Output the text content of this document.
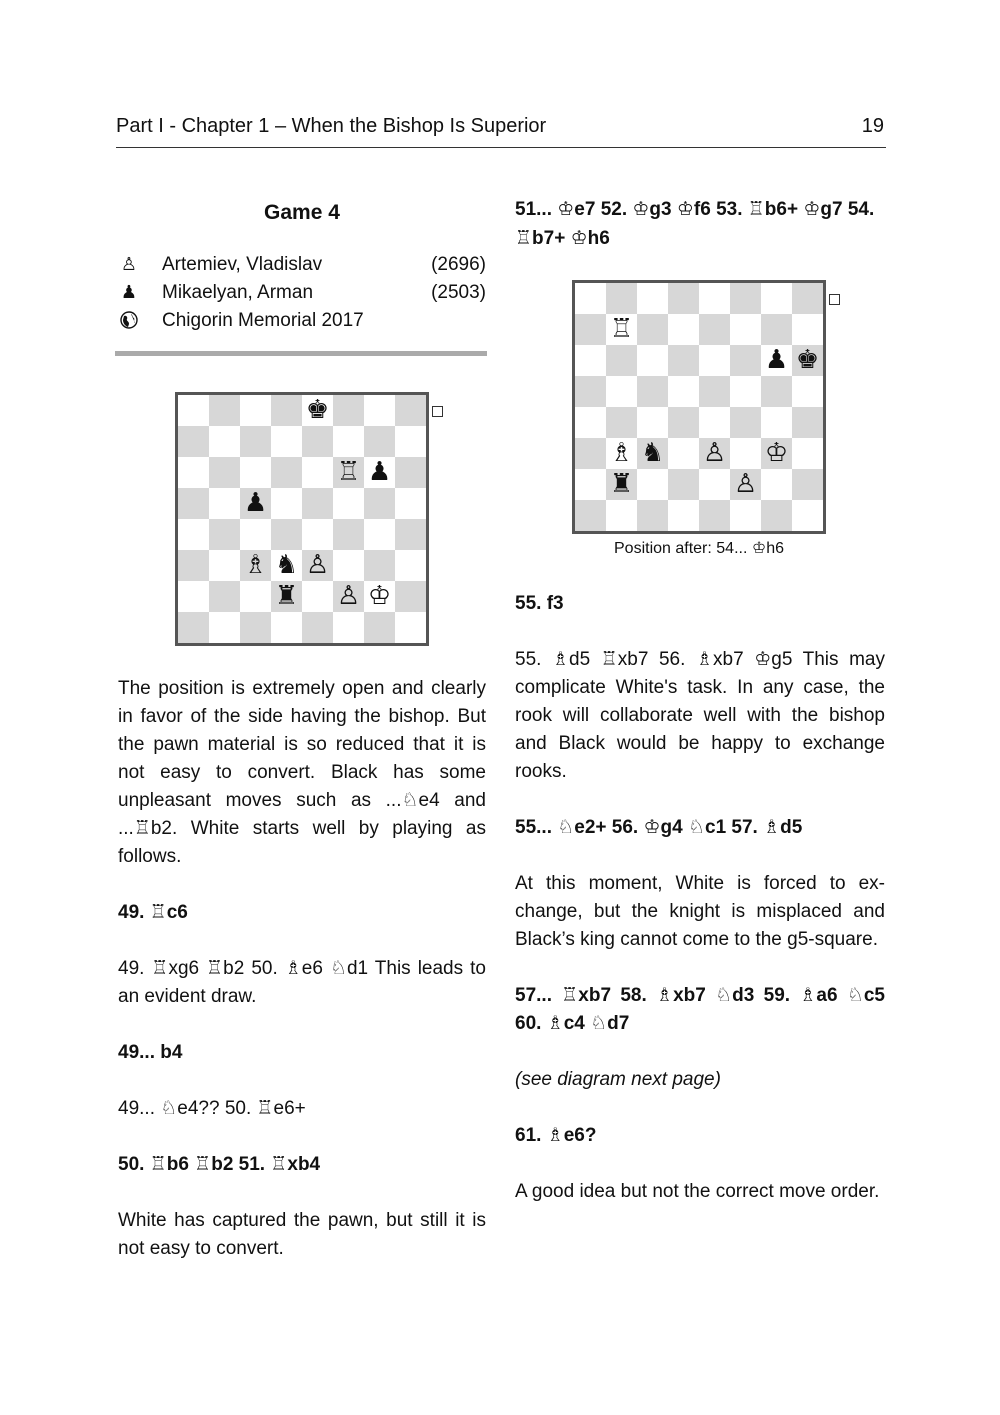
Part I - Chapter 1 – When the Bishop Is Superior	19
Game 4
♙ Artemiev, Vladislav	(2696)
♟ Mikaelyan, Arman	(2503)
Chigorin Memorial 2017
♚
♖ ♟
♟
♗ ♞ ♙
♜ ♙ ♔

The position is extremely open and clearly in favor of the side having the bishop. But the pawn material is so reduced that it is not easy to convert. Black has some unpleasant moves such as ...♘e4 and ...♖b2. White starts well by playing as follows.

49. ♖c6

49. ♖xg6 ♖b2 50. ♗e6 ♘d1 This leads to an evident draw.

49... b4

49... ♘e4?? 50. ♖e6+

50. ♖b6 ♖b2 51. ♖xb4

White has captured the pawn, but still it is not easy to convert.

51... ♔e7 52. ♔g3 ♔f6 53. ♖b6+ ♔g7 54. ♖b7+ ♔h6

♖
♟ ♚
♗ ♞ ♙ ♔
♜	♙
Position after: 54... ♔h6

55. f3

55. ♗d5 ♖xb7 56. ♗xb7 ♔g5 This may complicate White's task. In any case, the rook will collaborate well with the bishop and Black would be happy to exchange rooks.

55... ♘e2+ 56. ♔g4 ♘c1 57. ♗d5

At this moment, White is forced to exchange, but the knight is misplaced and Black’s king cannot come to the g5-square.

57... ♖xb7 58. ♗xb7 ♘d3 59. ♗a6 ♘c5 60. ♗c4 ♘d7

(see diagram next page)

61. ♗e6?

A good idea but not the correct move order.
